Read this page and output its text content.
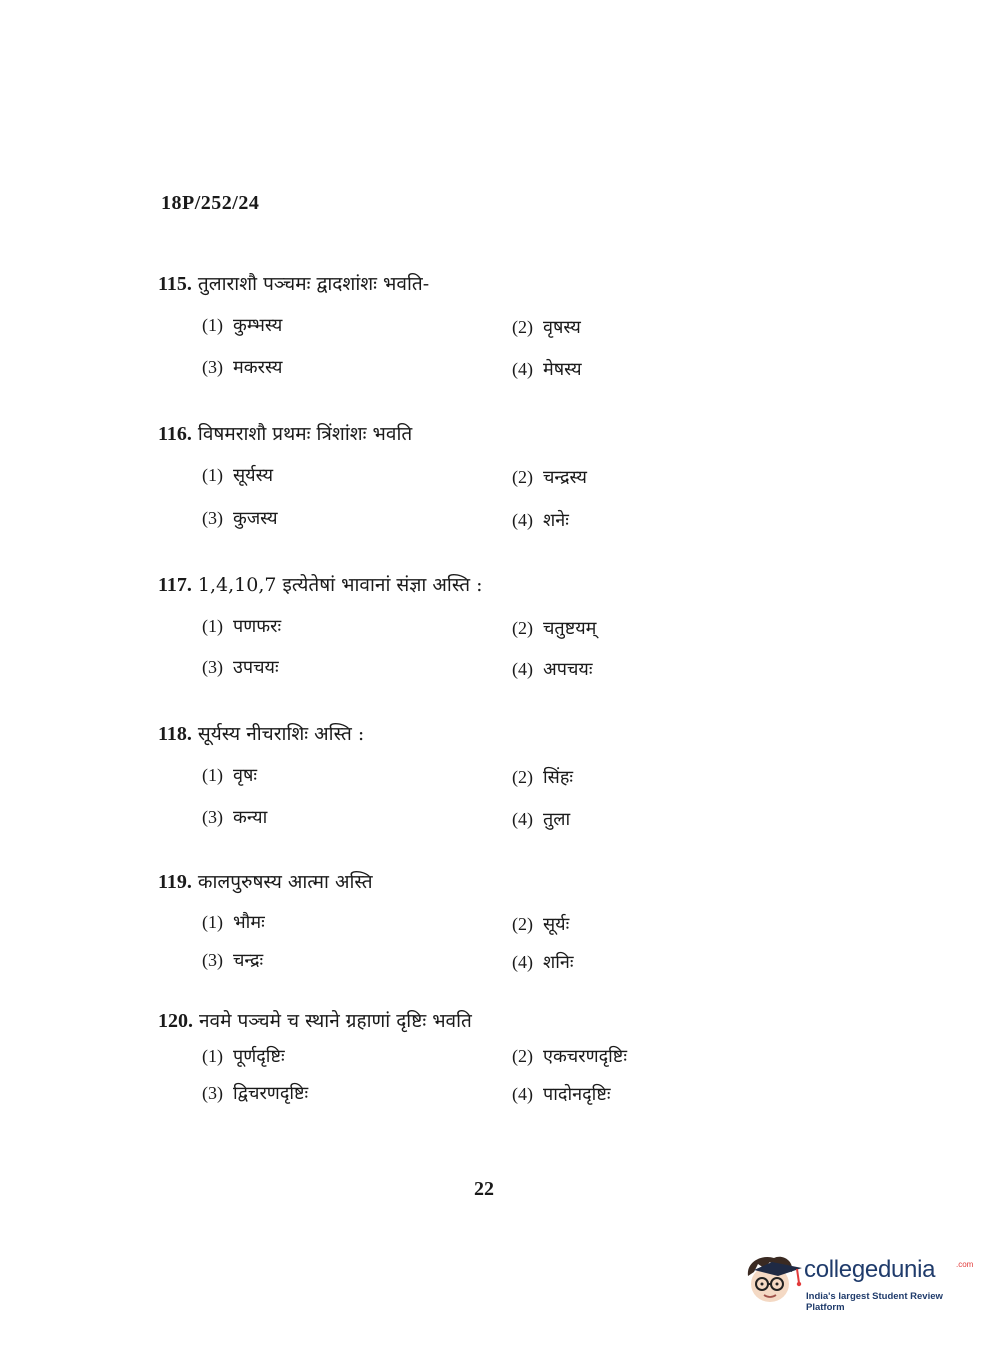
18P/252/24
115. तुलाराशौ पञ्चमः द्वादशांशः भवति-
(1) कुम्भस्य	(2) वृषस्य
(3) मकरस्य	(4) मेषस्य
116. विषमराशौ प्रथमः त्रिंशांशः भवति
(1) सूर्यस्य	(2) चन्द्रस्य
(3) कुजस्य	(4) शनेः
117. 1,4,10,7 इत्येतेषां भावानां संज्ञा अस्ति :
(1) पणफरः	(2) चतुष्टयम्
(3) उपचयः	(4) अपचयः
118. सूर्यस्य नीचराशिः अस्ति :
(1) वृषः	(2) सिंहः
(3) कन्या	(4) तुला
119. कालपुरुषस्य आत्मा अस्ति
(1) भौमः	(2) सूर्यः
(3) चन्द्रः	(4) शनिः
120. नवमे पञ्चमे च स्थाने ग्रहाणां दृष्टिः भवति
(1) पूर्णदृष्टिः	(2) एकचरणदृष्टिः
(3) द्विचरणदृष्टिः	(4) पादोनदृष्टिः
22
collegedunia	.com
India's largest Student Review Platform
